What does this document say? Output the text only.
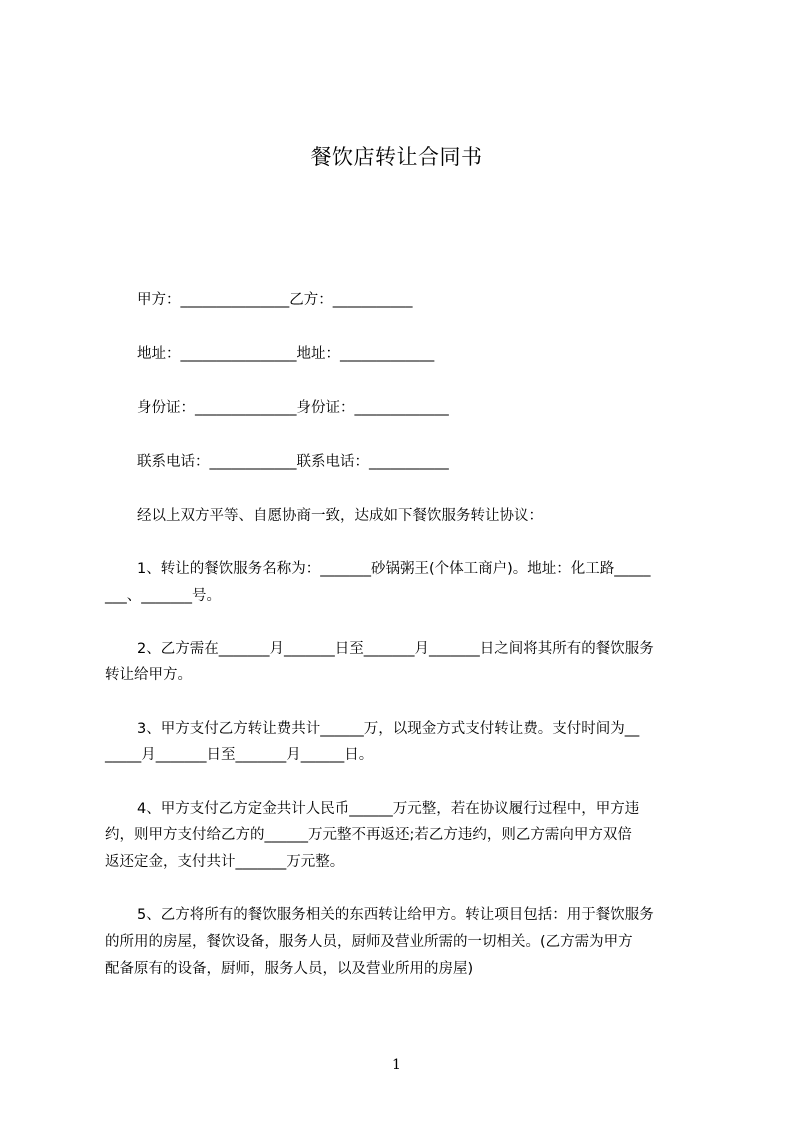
餐饮店转让合同书
甲方：_______________乙方：___________
地址：________________地址：_____________
身份证：______________身份证：_____________
联系电话：____________联系电话：___________
经以上双方平等、自愿协商一致，达成如下餐饮服务转让协议：
1、转让的餐饮服务名称为：_______砂锅粥王(个体工商户)。地址：化工路_____
___、_______号。
2、乙方需在_______月_______日至_______月_______日之间将其所有的餐饮服务
转让给甲方。
3、甲方支付乙方转让费共计______万，以现金方式支付转让费。支付时间为__
_____月_______日至_______月______日。
4、甲方支付乙方定金共计人民币______万元整，若在协议履行过程中，甲方违
约，则甲方支付给乙方的______万元整不再返还;若乙方违约，则乙方需向甲方双倍
返还定金，支付共计_______万元整。
5、乙方将所有的餐饮服务相关的东西转让给甲方。转让项目包括：用于餐饮服务
的所用的房屋，餐饮设备，服务人员，厨师及营业所需的一切相关。(乙方需为甲方
配备原有的设备，厨师，服务人员，以及营业所用的房屋)
1
